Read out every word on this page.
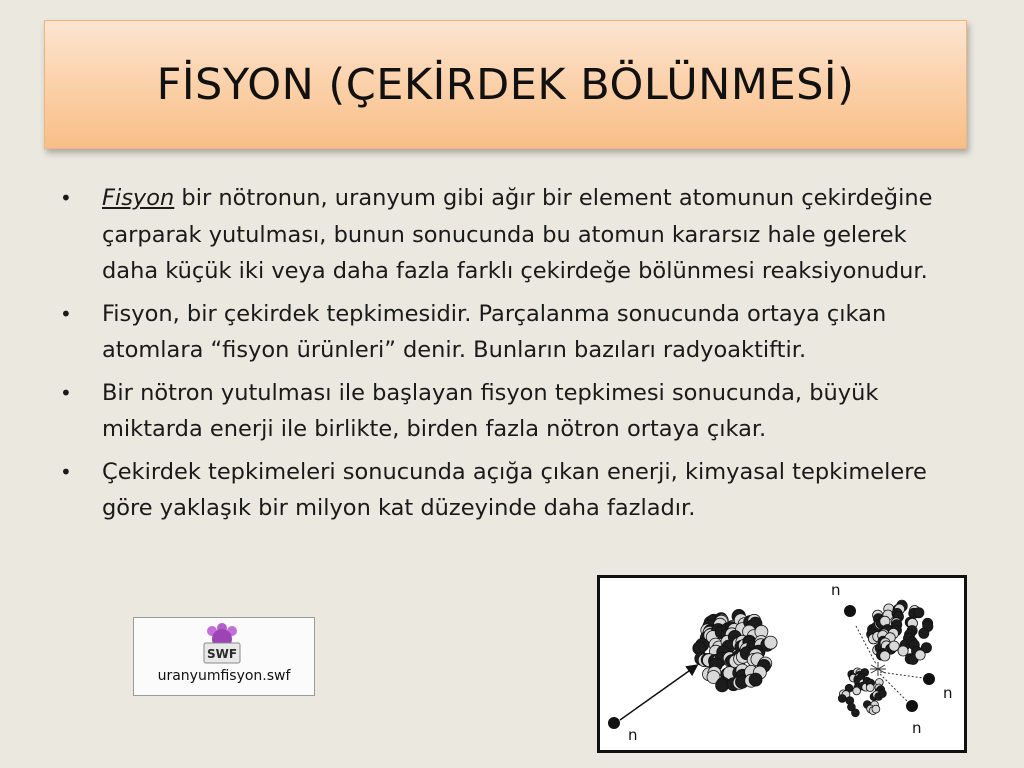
FİSYON (ÇEKİRDEK BÖLÜNMESİ)
• Fisyon bir nötronun, uranyum gibi ağır bir element atomunun çekirdeğine çarparak yutulması, bunun sonucunda bu atomun kararsız hale gelerek daha küçük iki veya daha fazla farklı çekirdeğe bölünmesi reaksiyonudur.
• Fisyon, bir çekirdek tepkimesidir. Parçalanma sonucunda ortaya çıkan atomlara “fisyon ürünleri” denir. Bunların bazıları radyoaktiftir.
• Bir nötron yutulması ile başlayan fisyon tepkimesi sonucunda, büyük miktarda enerji ile birlikte, birden fazla nötron ortaya çıkar.
• Çekirdek tepkimeleri sonucunda açığa çıkan enerji, kimyasal tepkimelere göre yaklaşık bir milyon kat düzeyinde daha fazladır.
SWF
uranyumfisyon.swf
n
n
n
n
